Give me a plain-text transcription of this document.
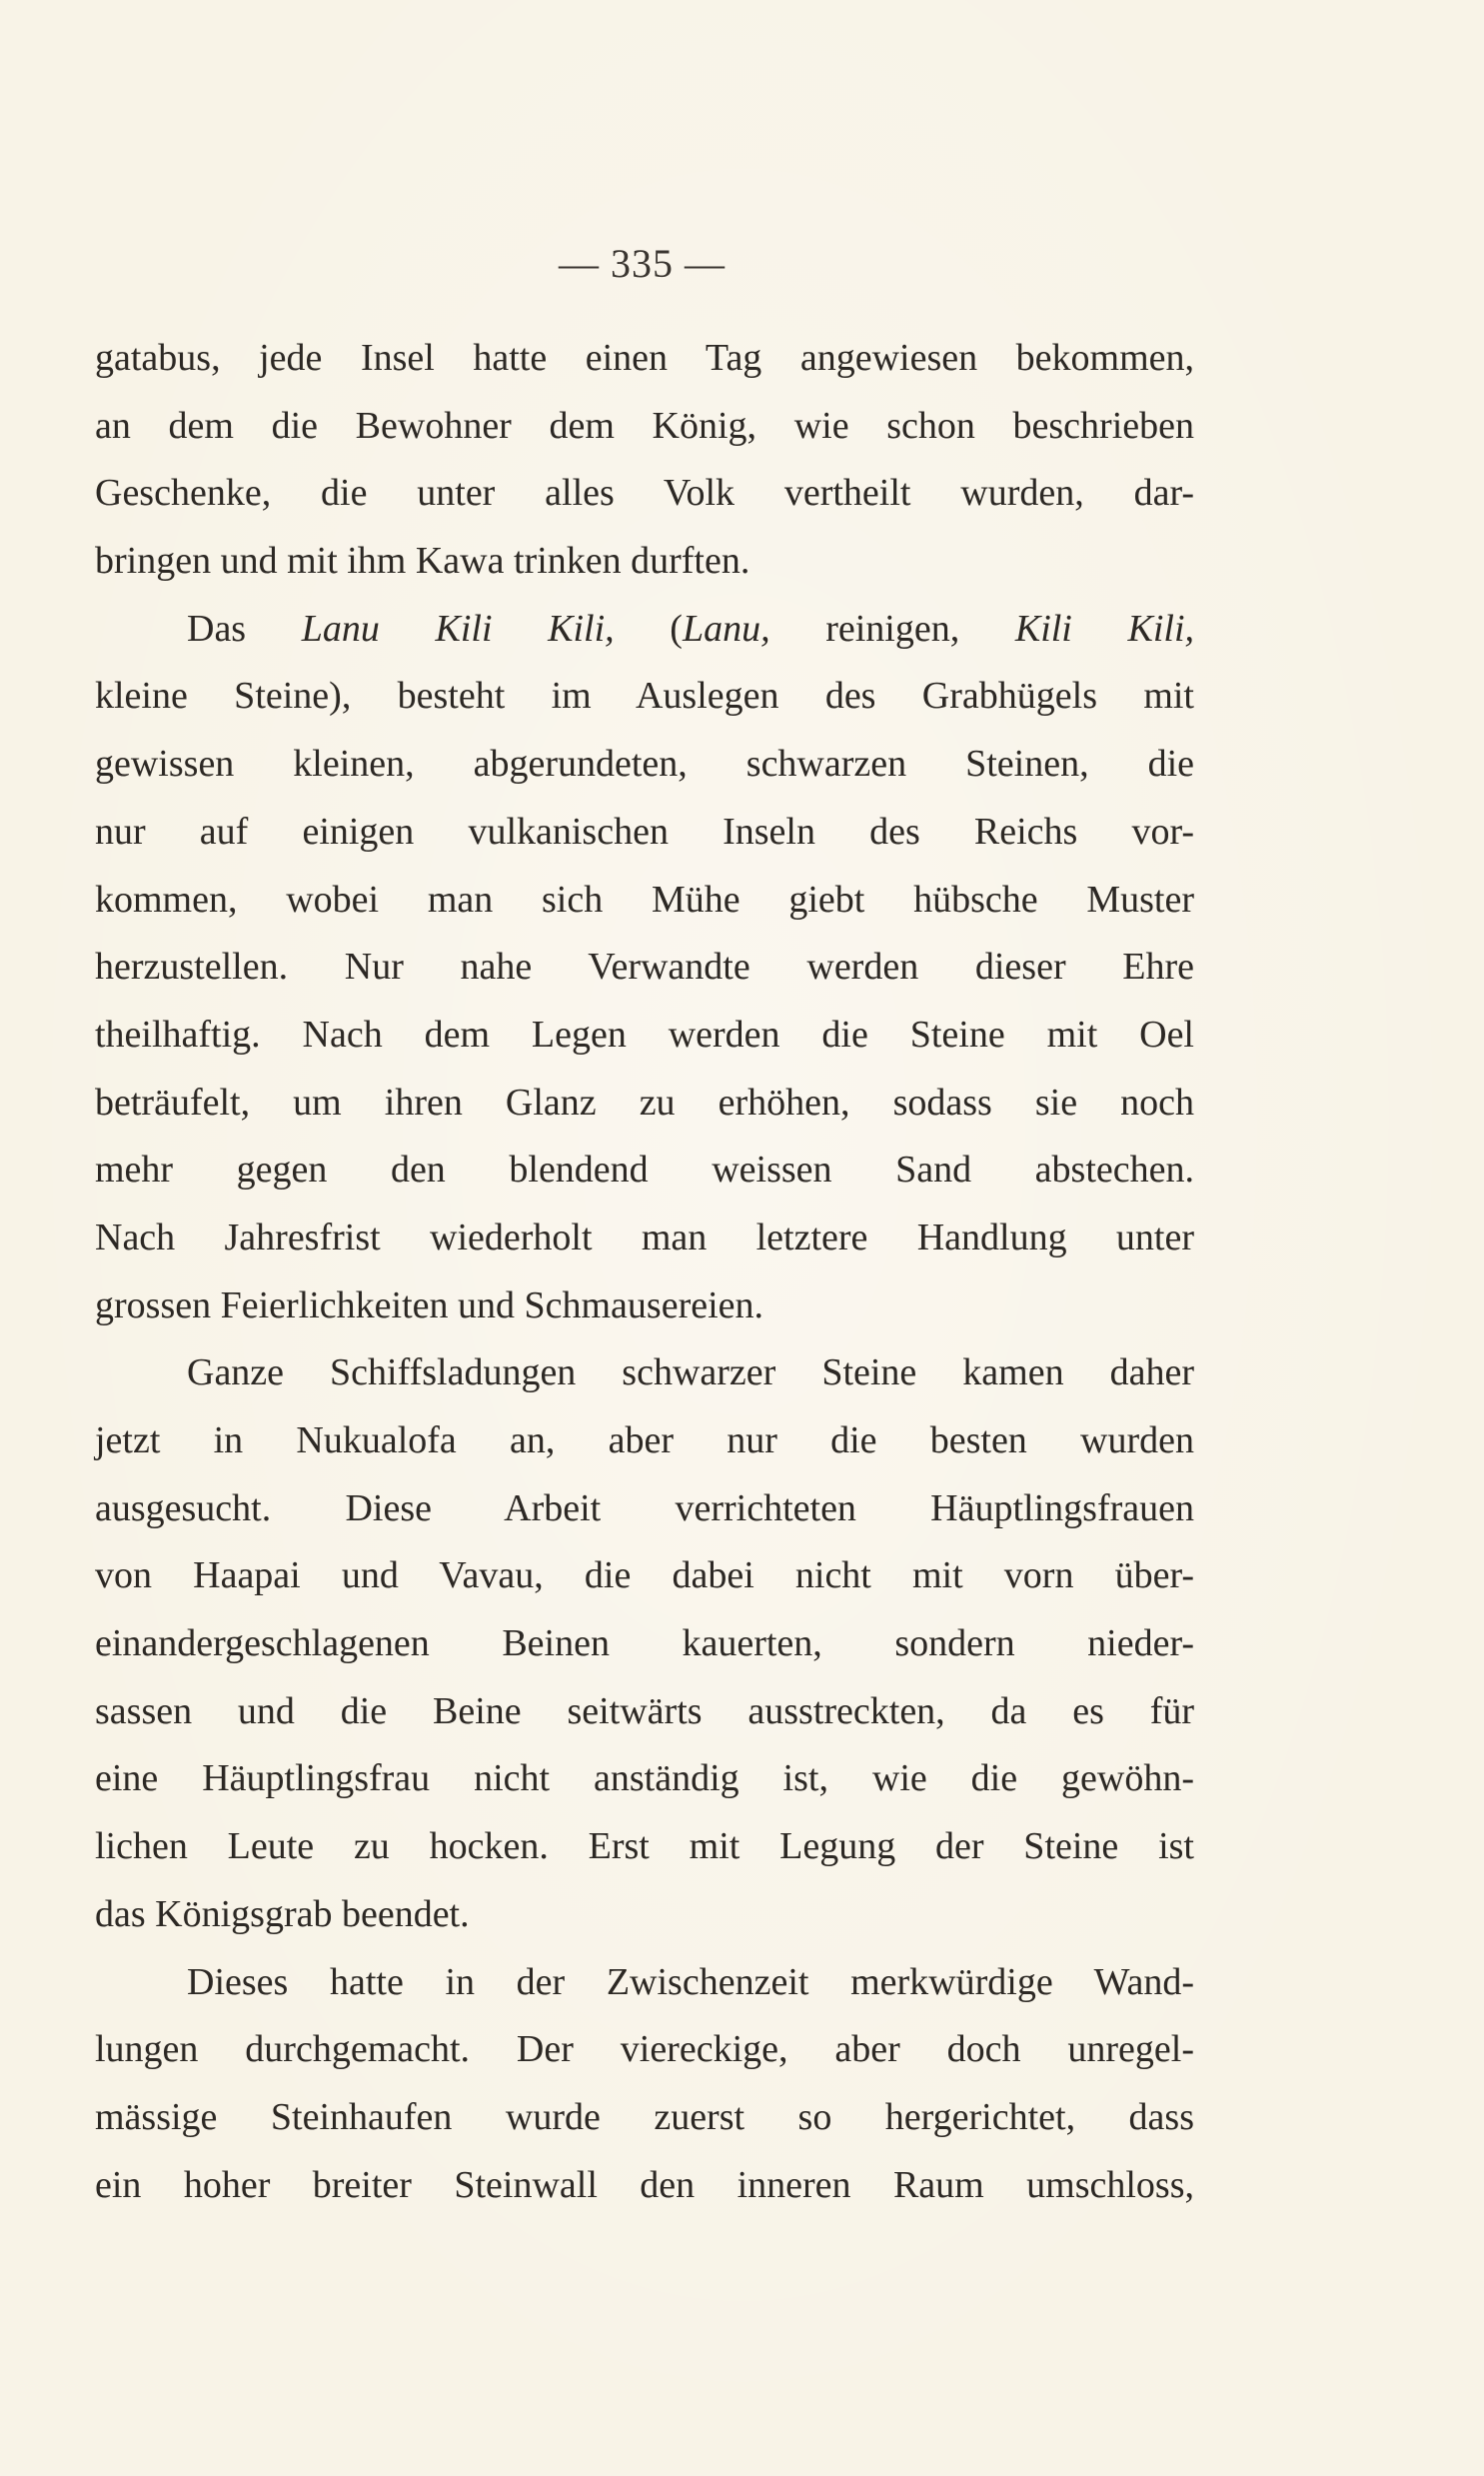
— 335 —
gatabus, jede Insel hatte einen Tag angewiesen bekommen,
an dem die Bewohner dem König, wie schon beschrieben
Geschenke, die unter alles Volk vertheilt wurden, dar-
bringen und mit ihm Kawa trinken durften.
Das Lanu Kili Kili, (Lanu, reinigen, Kili Kili,
kleine Steine), besteht im Auslegen des Grabhügels mit
gewissen kleinen, abgerundeten, schwarzen Steinen, die
nur auf einigen vulkanischen Inseln des Reichs vor-
kommen, wobei man sich Mühe giebt hübsche Muster
herzustellen. Nur nahe Verwandte werden dieser Ehre
theilhaftig. Nach dem Legen werden die Steine mit Oel
beträufelt, um ihren Glanz zu erhöhen, sodass sie noch
mehr gegen den blendend weissen Sand abstechen.
Nach Jahresfrist wiederholt man letztere Handlung unter
grossen Feierlichkeiten und Schmausereien.
Ganze Schiffsladungen schwarzer Steine kamen daher
jetzt in Nukualofa an, aber nur die besten wurden
ausgesucht. Diese Arbeit verrichteten Häuptlingsfrauen
von Haapai und Vavau, die dabei nicht mit vorn über-
einandergeschlagenen Beinen kauerten, sondern nieder-
sassen und die Beine seitwärts ausstreckten, da es für
eine Häuptlingsfrau nicht anständig ist, wie die gewöhn-
lichen Leute zu hocken. Erst mit Legung der Steine ist
das Königsgrab beendet.
Dieses hatte in der Zwischenzeit merkwürdige Wand-
lungen durchgemacht. Der viereckige, aber doch unregel-
mässige Steinhaufen wurde zuerst so hergerichtet, dass
ein hoher breiter Steinwall den inneren Raum umschloss,
